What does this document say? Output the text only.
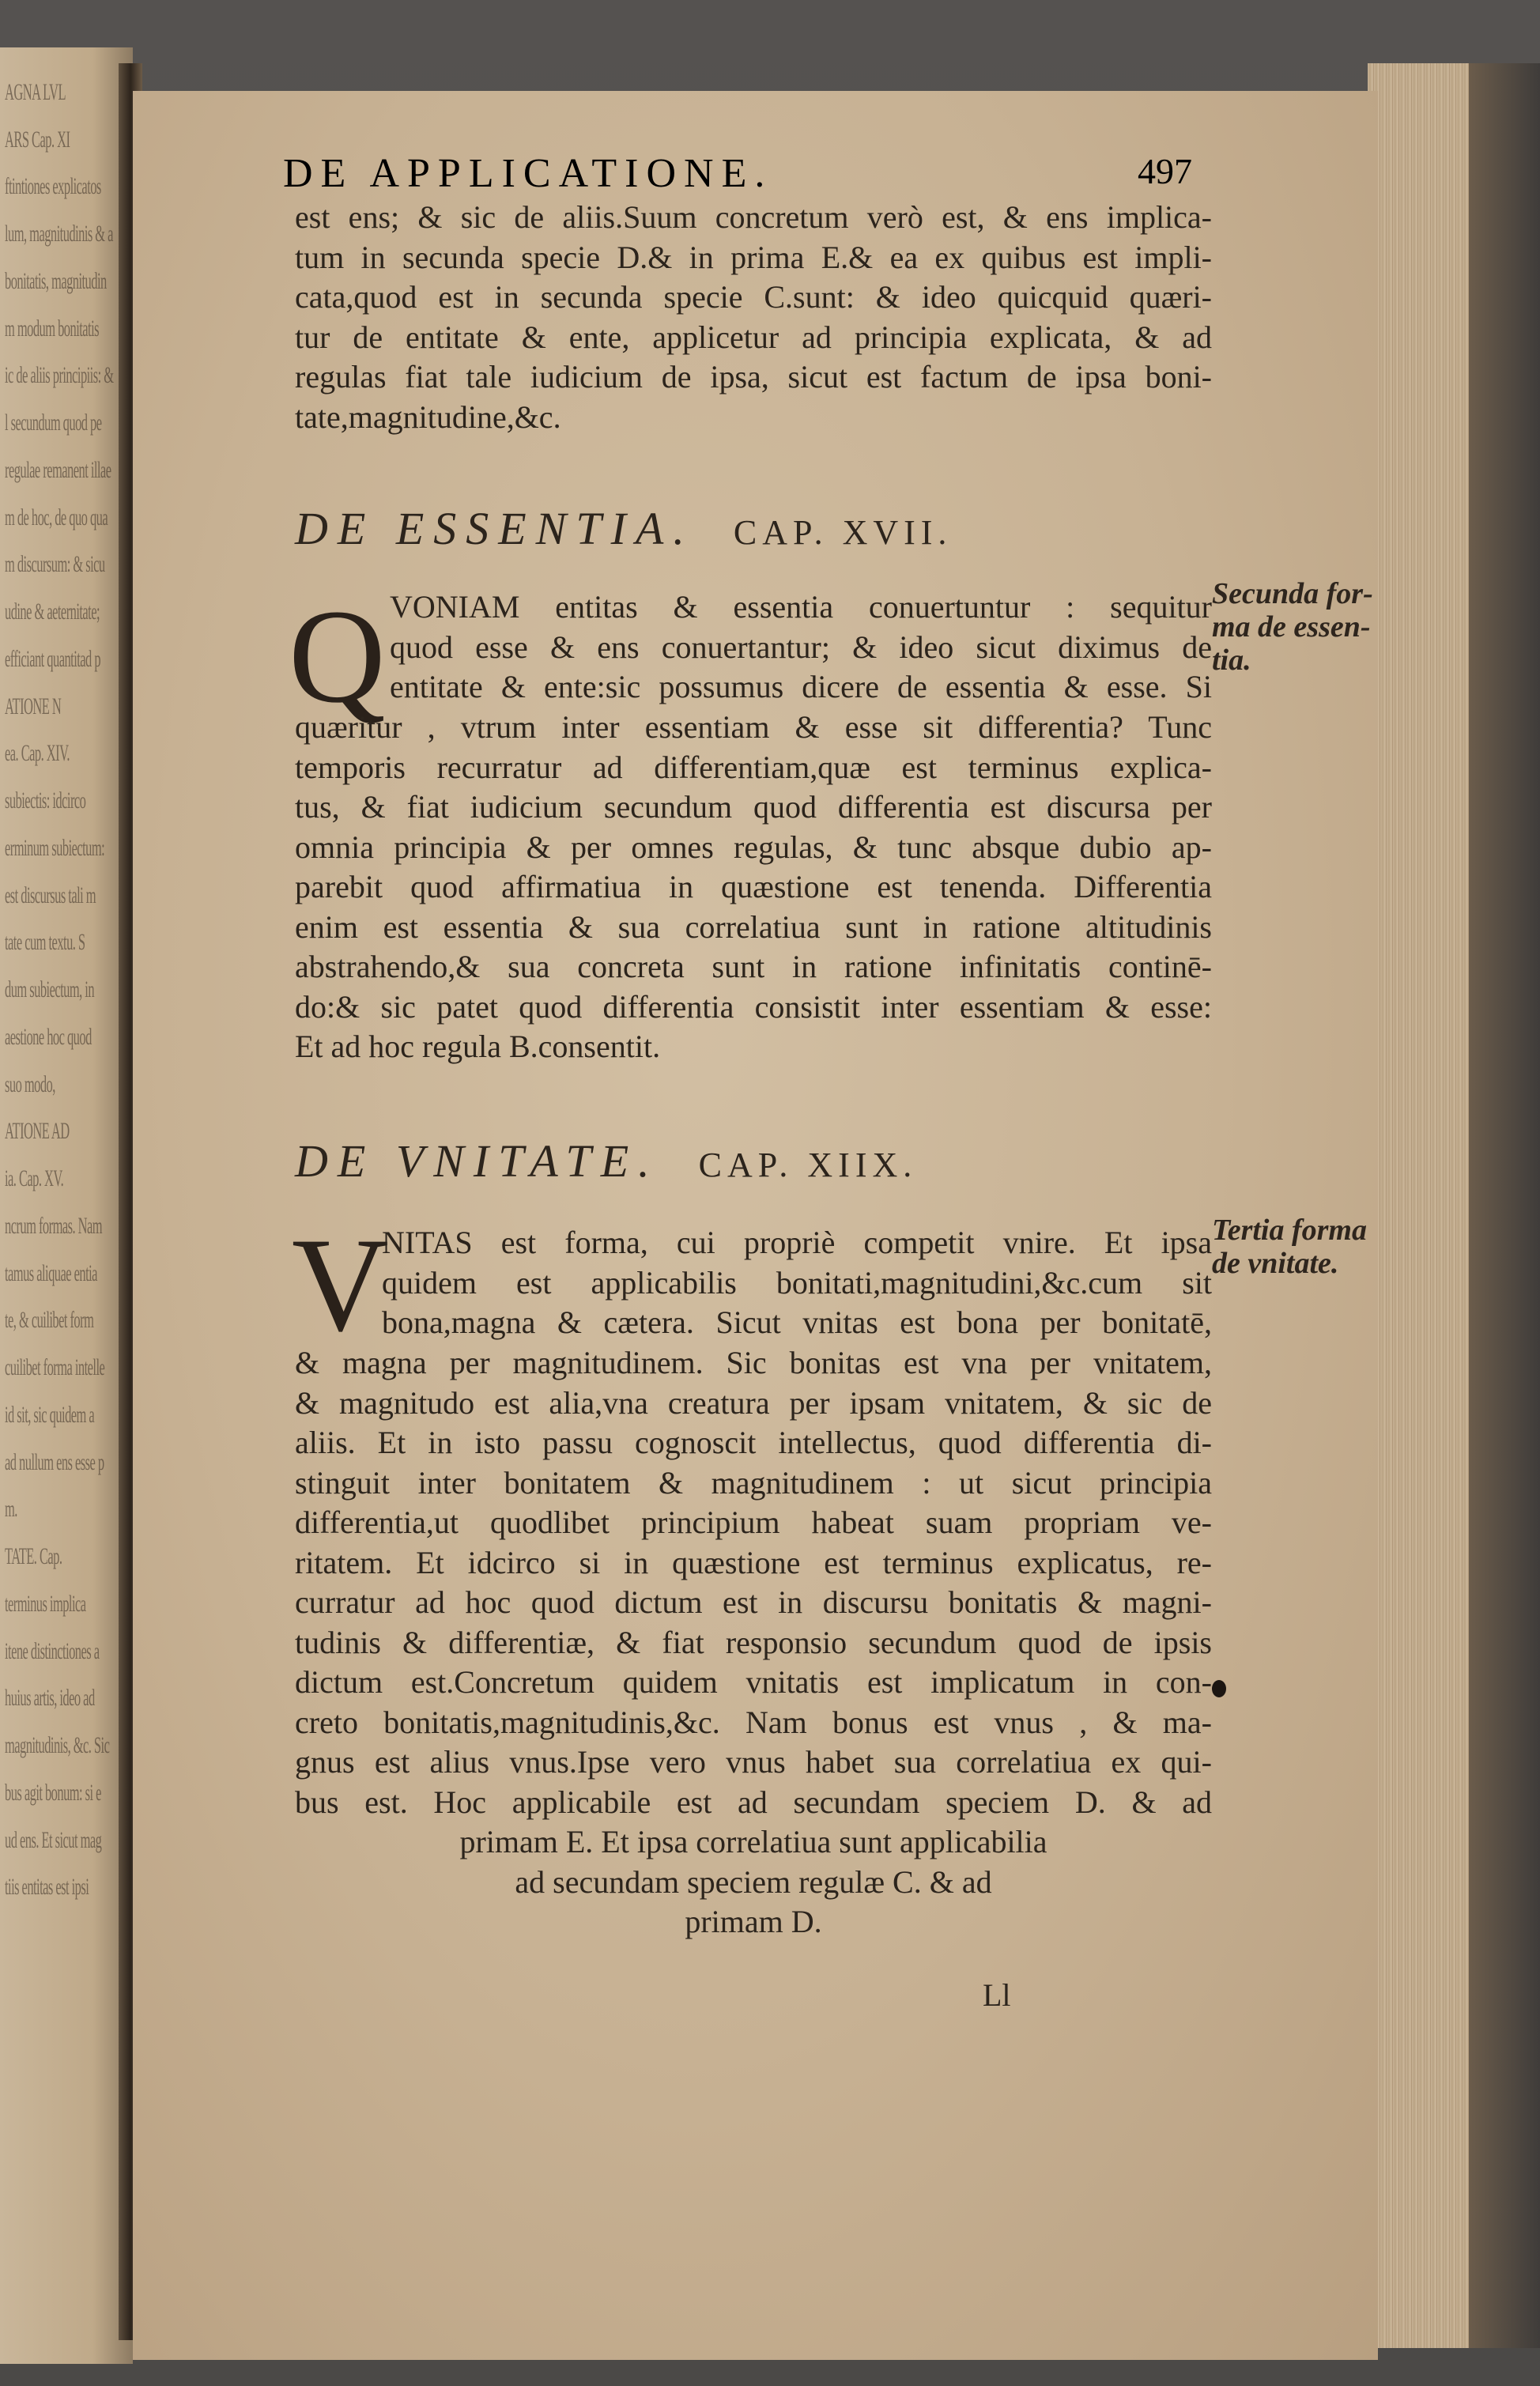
AGNA LVL
ARS Cap. XI
ftintiones explicatos
lum, magnitudinis & a
bonitatis, magnitudin
m modum bonitatis
ic de aliis principiis: &
l secundum quod pe
regulae remanent illae
m de hoc, de quo qua
m discursum: & sicu
udine & aeternitate;
efficiant quantitad p
ATIONE N
ea. Cap. XIV.
subiectis: idcirco
erminum subiectum:
est discursus tali m
tate cum textu. S
dum subiectum, in
aestione hoc quod
suo modo,
ATIONE AD
ia. Cap. XV.
ncrum formas. Nam
tamus aliquae entia
te, & cuilibet form
cuilibet forma intelle
id sit, sic quidem a
ad nullum ens esse p
m.
TATE. Cap.
terminus implica
itene distinctiones a
huius artis, ideo ad
magnitudinis, &c. Sic
bus agit bonum: si e
ud ens. Et sicut mag
tiis entitas est ipsi
DE APPLICATIONE.	497
est ens; & sic de aliis.Suum concretum verò est, & ens implica-
tum in secunda specie D.& in prima E.& ea ex quibus est impli-
cata,quod est in secunda specie C.sunt: & ideo quicquid quæri-
tur de entitate & ente, applicetur ad principia explicata, & ad
regulas fiat tale iudicium de ipsa, sicut est factum de ipsa boni-
tate,magnitudine,&c.
DE ESSENTIA. CAP. XVII.
Q VONIAM entitas & essentia conuertuntur : sequitur
quod esse & ens conuertantur; & ideo sicut diximus de
entitate & ente:sic possumus dicere de essentia & esse. Si
quæritur , vtrum inter essentiam & esse sit differentia? Tunc
temporis recurratur ad differentiam,quæ est terminus explica-
tus, & fiat iudicium secundum quod differentia est discursa per
omnia principia & per omnes regulas, & tunc absque dubio ap-
parebit quod affirmatiua in quæstione est tenenda. Differentia
enim est essentia & sua correlatiua sunt in ratione altitudinis
abstrahendo,& sua concreta sunt in ratione infinitatis continē-
do:& sic patet quod differentia consistit inter essentiam & esse:
Et ad hoc regula B.consentit.
DE VNITATE. CAP. XIIX.
V
NITAS est forma, cui propriè competit vnire. Et ipsa
quidem est applicabilis bonitati,magnitudini,&c.cum sit
bona,magna & cætera. Sicut vnitas est bona per bonitatē,
& magna per magnitudinem. Sic bonitas est vna per vnitatem,
& magnitudo est alia,vna creatura per ipsam vnitatem, & sic de
aliis. Et in isto passu cognoscit intellectus, quod differentia di-
stinguit inter bonitatem & magnitudinem : ut sicut principia
differentia,ut quodlibet principium habeat suam propriam ve-
ritatem. Et idcirco si in quæstione est terminus explicatus, re-
curratur ad hoc quod dictum est in discursu bonitatis & magni-
tudinis & differentiæ, & fiat responsio secundum quod de ipsis
dictum est.Concretum quidem vnitatis est implicatum in con-
creto bonitatis,magnitudinis,&c. Nam bonus est vnus , & ma-
gnus est alius vnus.Ipse vero vnus habet sua correlatiua ex qui-
bus est. Hoc applicabile est ad secundam speciem D. & ad
primam E. Et ipsa correlatiua sunt applicabilia
ad secundam speciem regulæ C. & ad
primam D.
Ll
Secunda for-
ma de essen-
tia.
Tertia forma
de vnitate.
